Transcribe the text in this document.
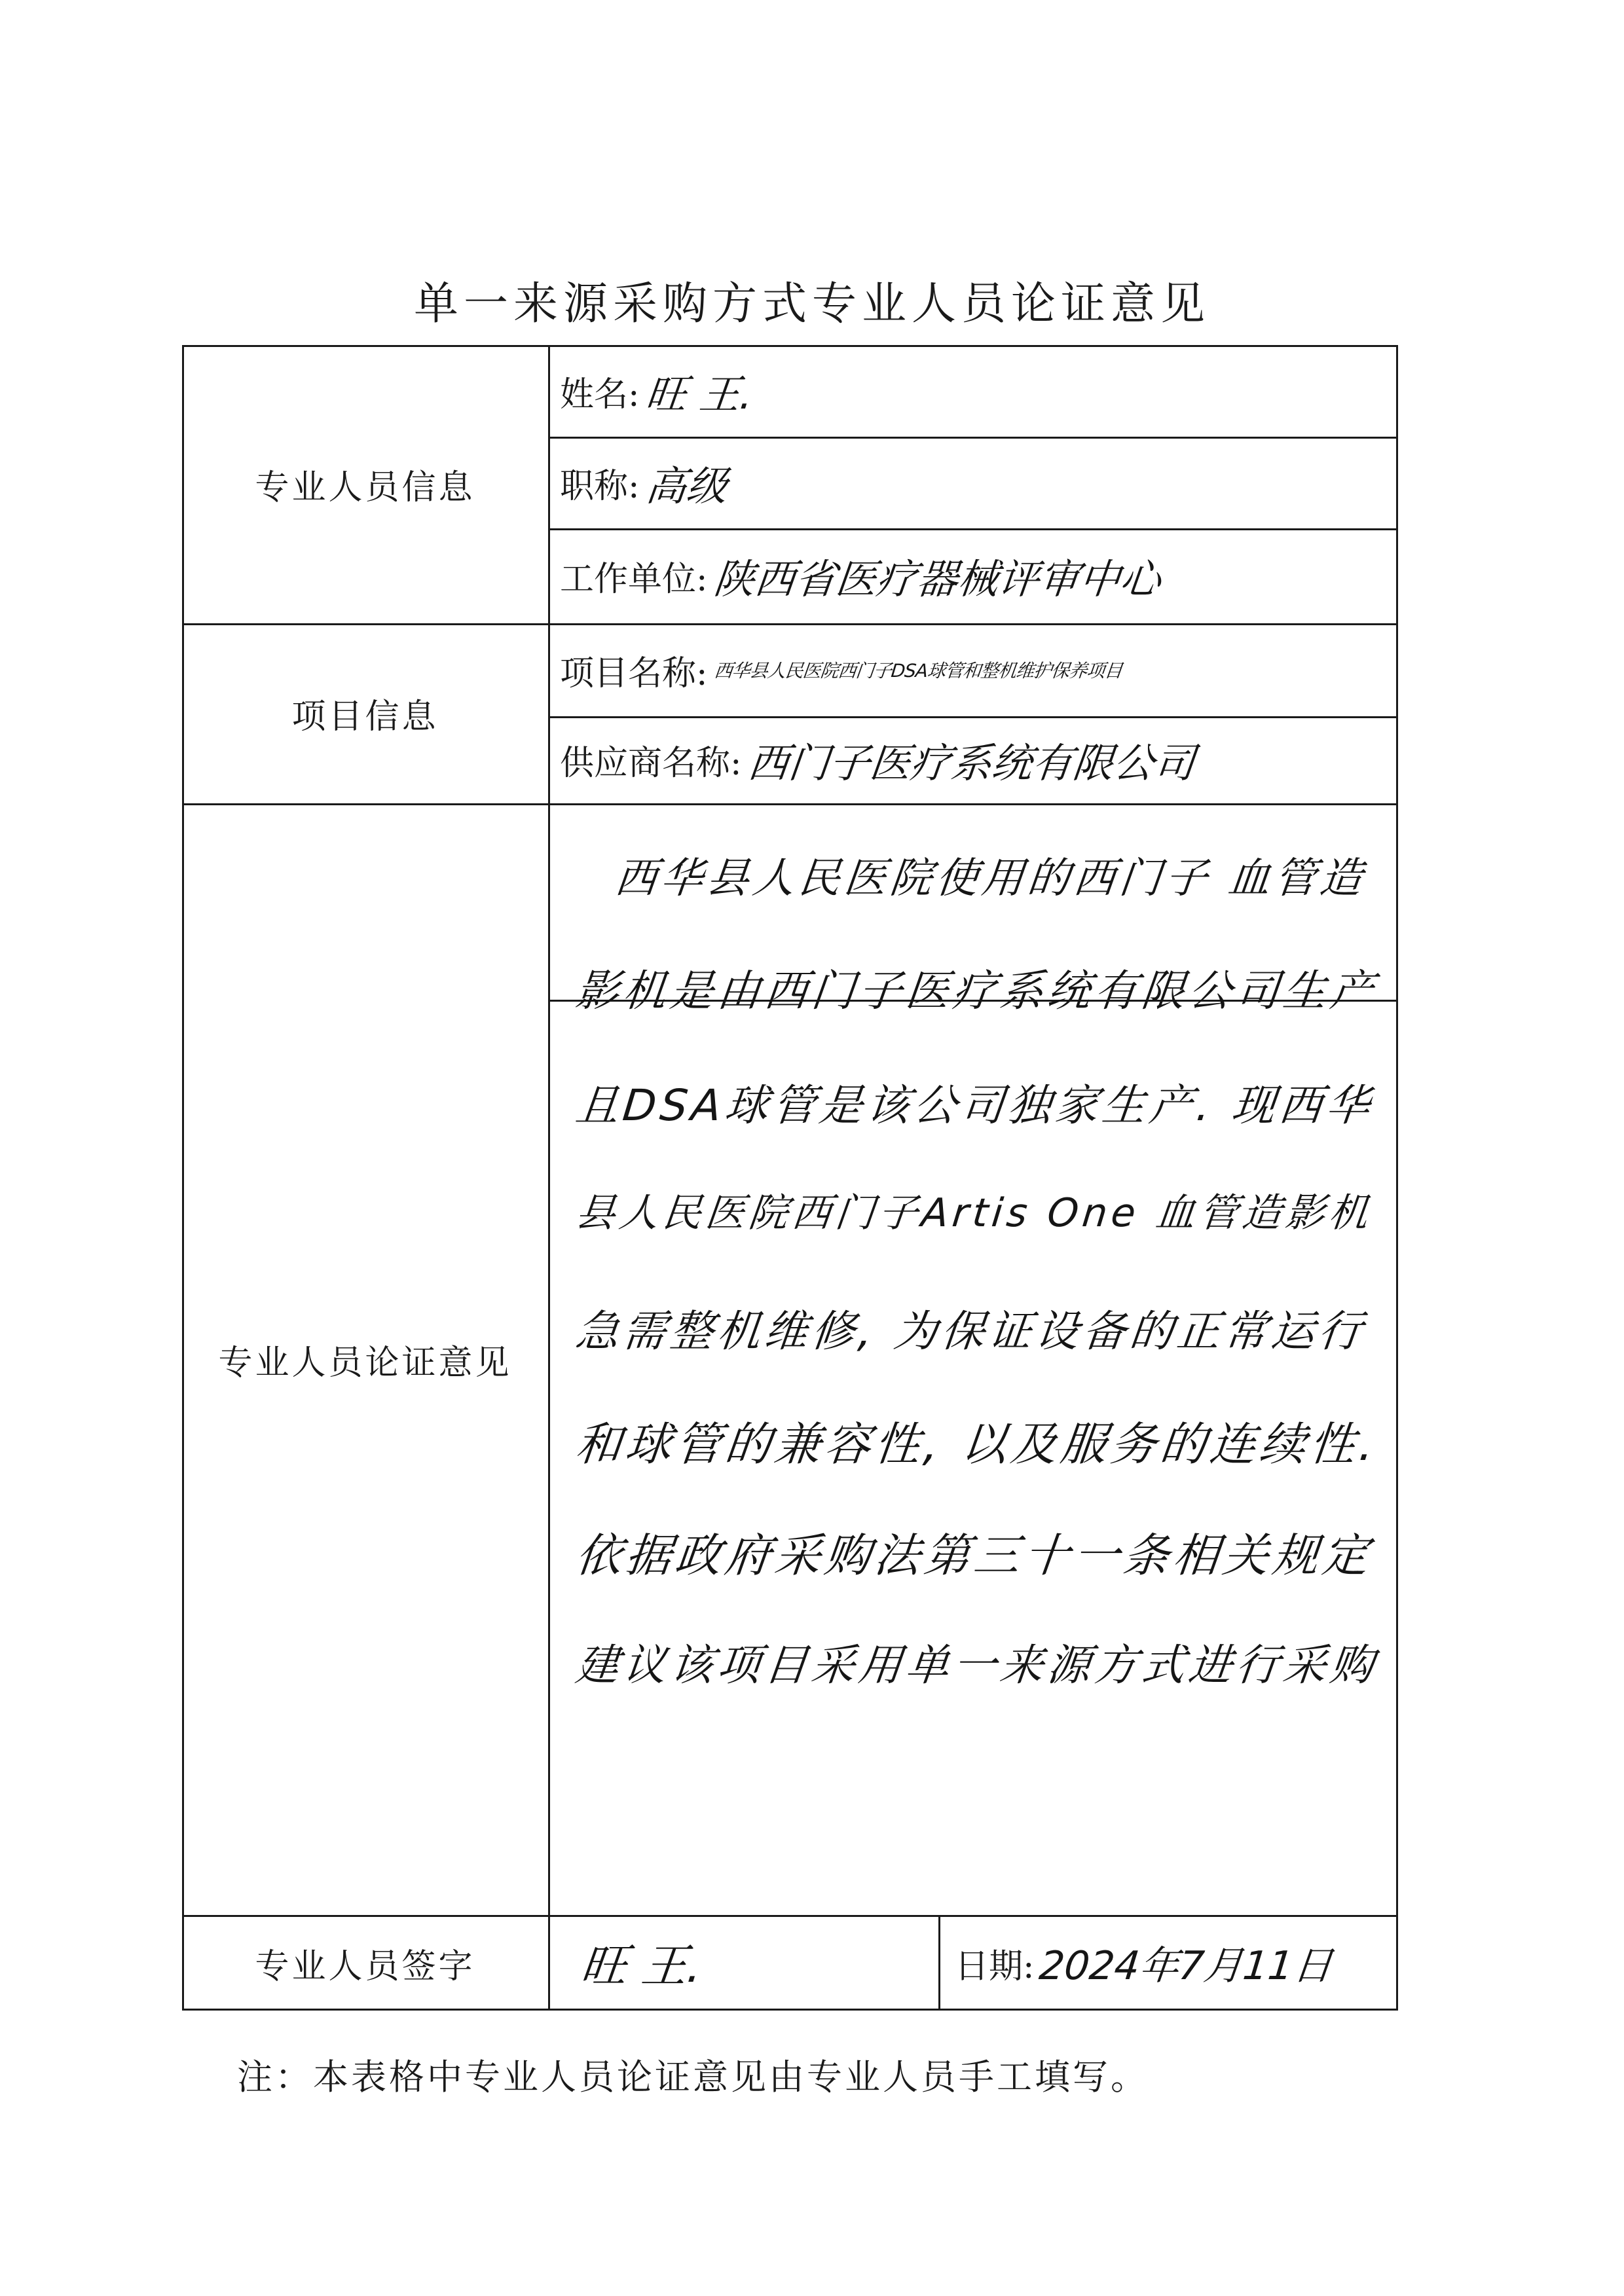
单一来源采购方式专业人员论证意见
专业人员信息
项目信息
专业人员论证意见
专业人员签字
姓名: 旺 王.
职称: 高级
工作单位: 陕西省医疗器械评审中心
项目名称: 西华县人民医院西门子DSA球管和整机维护保养项目
供应商名称: 西门子医疗系统有限公司
旺 王.	日期: 2024年7月11日
西华县人民医院使用的西门子 血管造
影机是由西门子医疗系统有限公司生产
且DSA球管是该公司独家生产. 现西华
县人民医院西门子Artis One 血管造影机
急需整机维修, 为保证设备的正常运行
和球管的兼容性, 以及服务的连续性.
依据政府采购法第三十一条相关规定
建议该项目采用单一来源方式进行采购
注：本表格中专业人员论证意见由专业人员手工填写。
